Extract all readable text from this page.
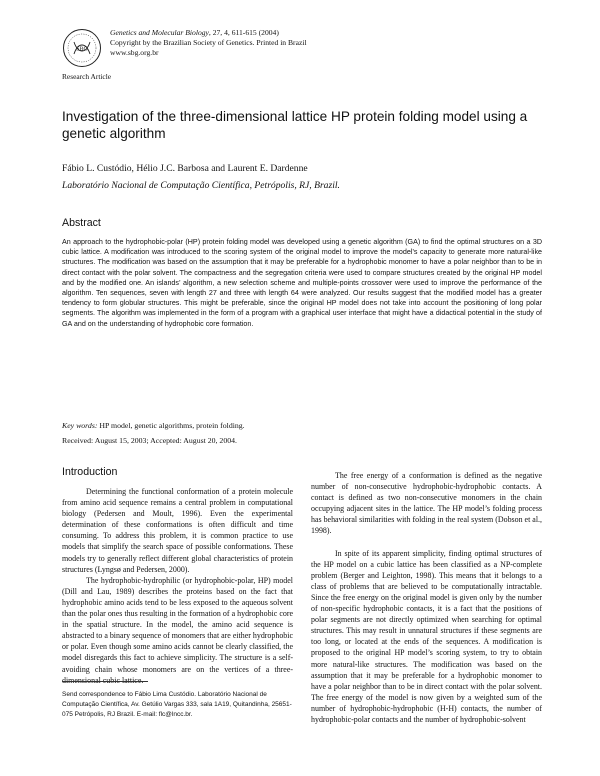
SBG
Genetics and Molecular Biology, 27, 4, 611-615 (2004)
Copyright by the Brazilian Society of Genetics. Printed in Brazil
www.sbg.org.br
Research Article
Investigation of the three-dimensional lattice HP protein folding model using a genetic algorithm
Fábio L. Custódio, Hélio J.C. Barbosa and Laurent E. Dardenne
Laboratório Nacional de Computação Científica, Petrópolis, RJ, Brazil.
Abstract
An approach to the hydrophobic-polar (HP) protein folding model was developed using a genetic algorithm (GA) to find the optimal structures on a 3D cubic lattice. A modification was introduced to the scoring system of the original model to improve the model’s capacity to generate more natural-like structures. The modification was based on the assumption that it may be preferable for a hydrophobic monomer to have a polar neighbor than to be in direct contact with the polar solvent. The compactness and the segregation criteria were used to compare structures created by the original HP model and by the modified one. An islands’ algorithm, a new selection scheme and multiple-points crossover were used to improve the performance of the algorithm. Ten sequences, seven with length 27 and three with length 64 were analyzed. Our results suggest that the modified model has a greater tendency to form globular structures. This might be preferable, since the original HP model does not take into account the positioning of long polar segments. The algorithm was implemented in the form of a program with a graphical user interface that might have a didactical potential in the study of GA and on the understanding of hydrophobic core formation.
Key words: HP model, genetic algorithms, protein folding.
Received: August 15, 2003; Accepted: August 20, 2004.
Introduction

Determining the functional conformation of a protein molecule from amino acid sequence remains a central problem in computational biology (Pedersen and Moult, 1996). Even the experimental determination of these conformations is often difficult and time consuming. To address this problem, it is common practice to use models that simplify the search space of possible conformations. These models try to generally reflect different global characteristics of protein structures (Lyngsø and Pedersen, 2000).

The hydrophobic-hydrophilic (or hydrophobic-polar, HP) model (Dill and Lau, 1989) describes the proteins based on the fact that hydrophobic amino acids tend to be less exposed to the aqueous solvent than the polar ones thus resulting in the formation of a hydrophobic core in the spatial structure. In the model, the amino acid sequence is abstracted to a binary sequence of monomers that are either hydrophobic or polar. Even though some amino acids cannot be clearly classified, the model disregards this fact to achieve simplicity. The structure is a self-avoiding chain whose monomers are on the vertices of a three-dimensional cubic lattice.

The free energy of a conformation is defined as the negative number of non-consecutive hydrophobic-hydrophobic contacts. A contact is defined as two non-consecutive monomers in the chain occupying adjacent sites in the lattice. The HP model’s folding process has behavioral similarities with folding in the real system (Dobson et al., 1998).

In spite of its apparent simplicity, finding optimal structures of the HP model on a cubic lattice has been classified as a NP-complete problem (Berger and Leighton, 1998). This means that it belongs to a class of problems that are believed to be computationally intractable. Since the free energy on the original model is given only by the number of non-specific hydrophobic contacts, it is a fact that the positions of polar segments are not directly optimized when searching for optimal structures. This may result in unnatural structures if these segments are too long, or located at the ends of the sequences. A modification is proposed to the original HP model’s scoring system, to try to obtain more natural-like structures. The modification was based on the assumption that it may be preferable for a hydrophobic monomer to have a polar neighbor than to be in direct contact with the polar solvent. The free energy of the model is now given by a weighted sum of the number of hydrophobic-hydrophobic (H-H) contacts, the number of hydrophobic-polar contacts and the number of hydrophobic-solvent

Send correspondence to Fábio Lima Custódio. Laboratório Nacional de Computação Científica, Av. Getúlio Vargas 333, sala 1A19, Quitandinha, 25651-075 Petrópolis, RJ Brazil. E-mail: flc@lncc.br.
